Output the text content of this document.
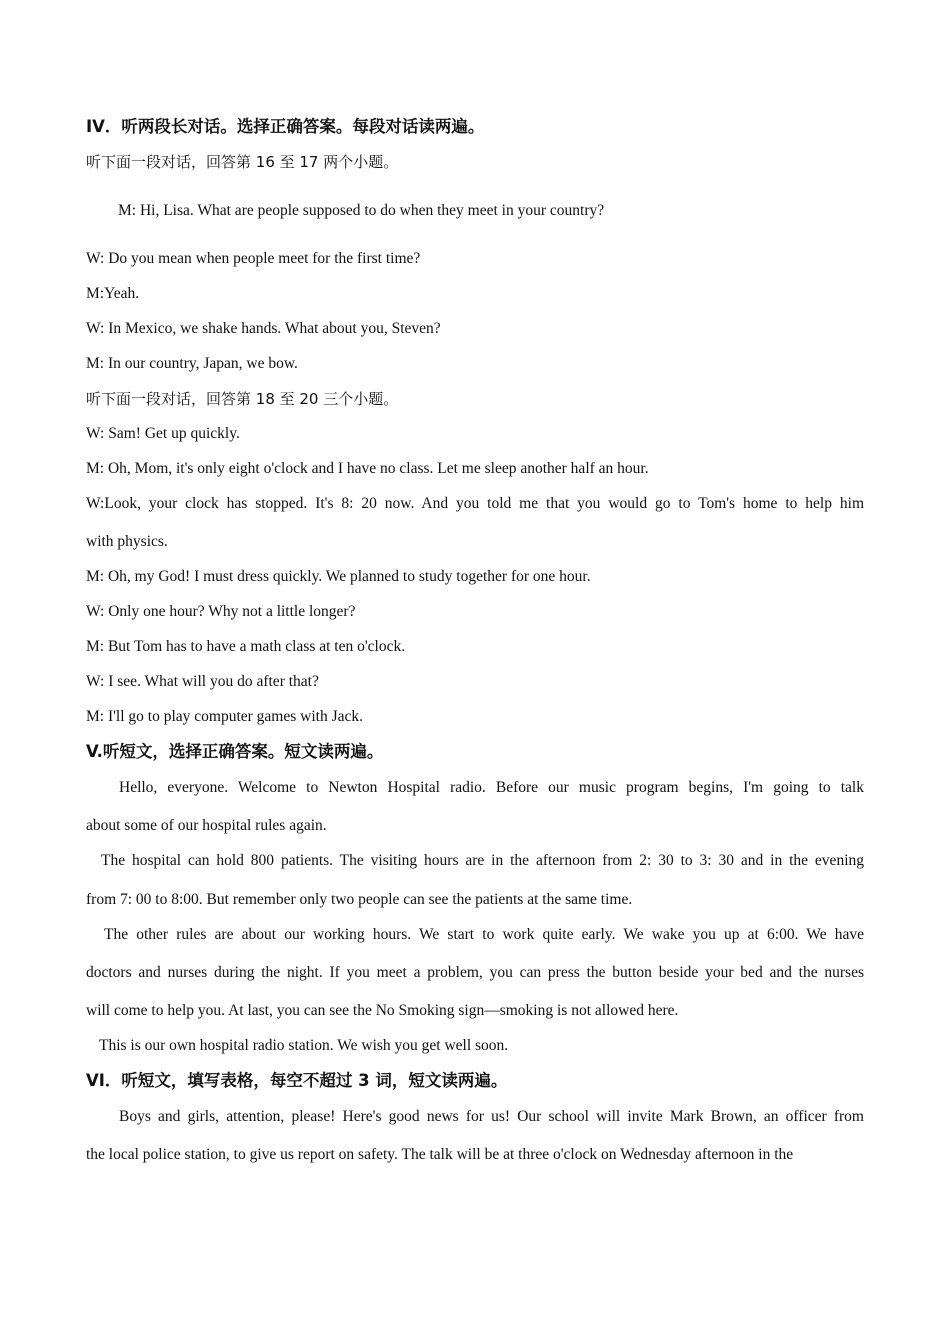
IV．听两段长对话。选择正确答案。每段对话读两遍。

听下面一段对话，回答第 16 至 17 两个小题。

M: Hi, Lisa. What are people supposed to do when they meet in your country?

W: Do you mean when people meet for the first time?

M:Yeah.

W: In Mexico, we shake hands. What about you, Steven?

M: In our country, Japan, we bow.

听下面一段对话，回答第 18 至 20 三个小题。

W: Sam! Get up quickly.

M: Oh, Mom, it's only eight o'clock and I have no class. Let me sleep another half an hour.

W:Look, your clock has stopped. It's 8: 20 now. And you told me that you would go to Tom's home to help him

with physics.

M: Oh, my God! I must dress quickly. We planned to study together for one hour.

W: Only one hour? Why not a little longer?

M: But Tom has to have a math class at ten o'clock.

W: I see. What will you do after that?

M: I'll go to play computer games with Jack.

V.听短文，选择正确答案。短文读两遍。

Hello, everyone. Welcome to Newton Hospital radio. Before our music program begins, I'm going to talk

about some of our hospital rules again.

The hospital can hold 800 patients. The visiting hours are in the afternoon from 2: 30 to 3: 30 and in the evening

from 7: 00 to 8:00. But remember only two people can see the patients at the same time.

The other rules are about our working hours. We start to work quite early. We wake you up at 6:00. We have

doctors and nurses during the night. If you meet a problem, you can press the button beside your bed and the nurses

will come to help you. At last, you can see the No Smoking sign—smoking is not allowed here.

This is our own hospital radio station. We wish you get well soon.

VI．听短文，填写表格，每空不超过 3 词，短文读两遍。

Boys and girls, attention, please! Here's good news for us! Our school will invite Mark Brown, an officer from

the local police station, to give us report on safety. The talk will be at three o'clock on Wednesday afternoon in the
